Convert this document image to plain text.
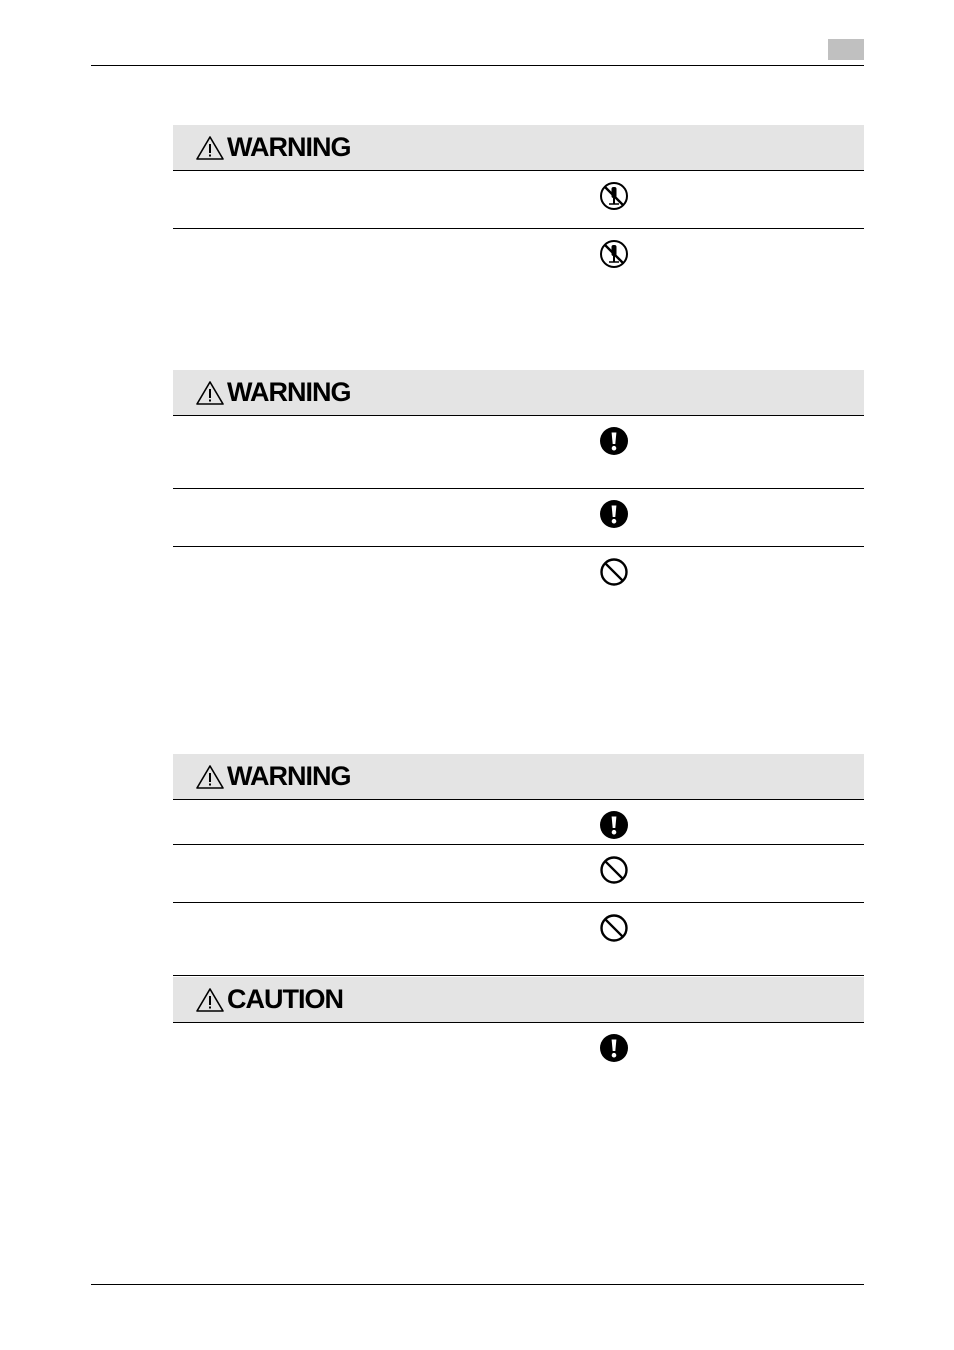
WARNING
WARNING
WARNING
CAUTION
